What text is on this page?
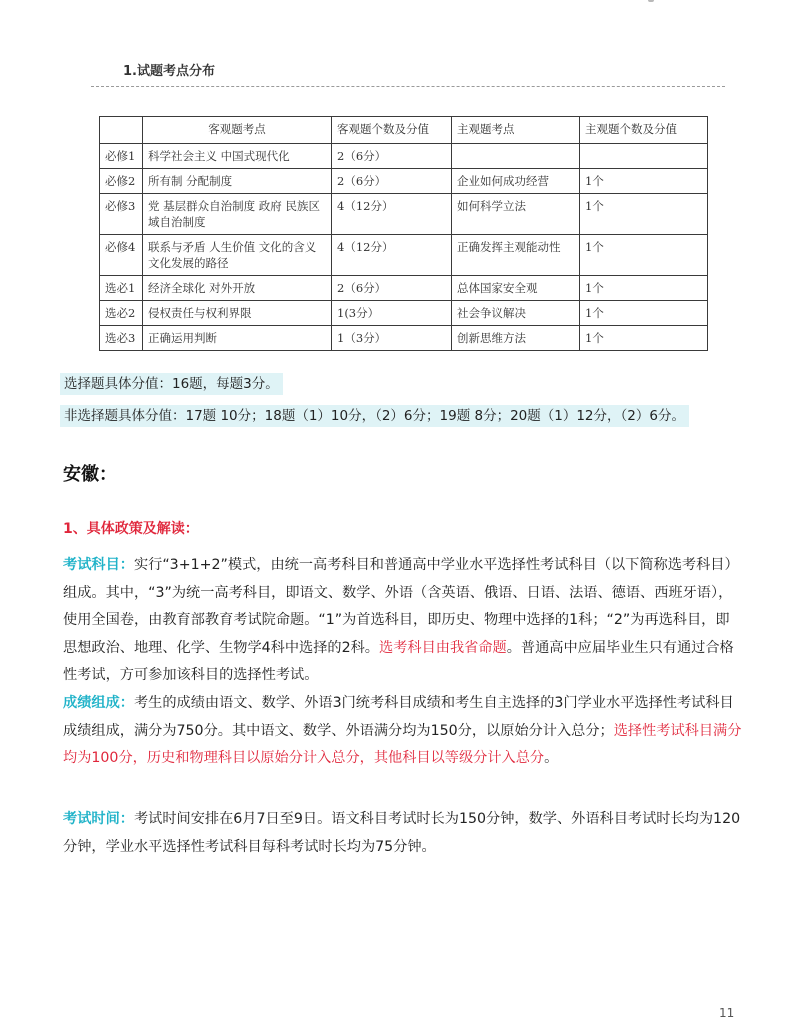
1.试题考点分布
	客观题考点	客观题个数及分值	主观题考点	主观题个数及分值
必修1	科学社会主义 中国式现代化	2（6分）		
必修2	所有制 分配制度	2（6分）	企业如何成功经营	1个
必修3	党 基层群众自治制度 政府 民族区域自治制度	4（12分）	如何科学立法	1个
必修4	联系与矛盾 人生价值 文化的含义 文化发展的路径	4（12分）	正确发挥主观能动性	1个
选必1	经济全球化 对外开放	2（6分）	总体国家安全观	1个
选必2	侵权责任与权利界限	1(3分）	社会争议解决	1个
选必3	正确运用判断	1（3分）	创新思维方法	1个
选择题具体分值：16题，每题3分。
非选择题具体分值：17题 10分；18题（1）10分，（2）6分；19题 8分；20题（1）12分，（2）6分。
安徽：
1、具体政策及解读：
考试科目：实行“3+1+2”模式，由统一高考科目和普通高中学业水平选择性考试科目（以下简称选考科目）组成。其中，“3”为统一高考科目，即语文、数学、外语（含英语、俄语、日语、法语、德语、西班牙语），使用全国卷，由教育部教育考试院命题。“1”为首选科目，即历史、物理中选择的1科；“2”为再选科目，即思想政治、地理、化学、生物学4科中选择的2科。选考科目由我省命题。普通高中应届毕业生只有通过合格性考试，方可参加该科目的选择性考试。
成绩组成：考生的成绩由语文、数学、外语3门统考科目成绩和考生自主选择的3门学业水平选择性考试科目成绩组成，满分为750分。其中语文、数学、外语满分均为150分，以原始分计入总分；选择性考试科目满分均为100分，历史和物理科目以原始分计入总分，其他科目以等级分计入总分。
考试时间：考试时间安排在6月7日至9日。语文科目考试时长为150分钟，数学、外语科目考试时长均为120分钟，学业水平选择性考试科目每科考试时长均为75分钟。
11
